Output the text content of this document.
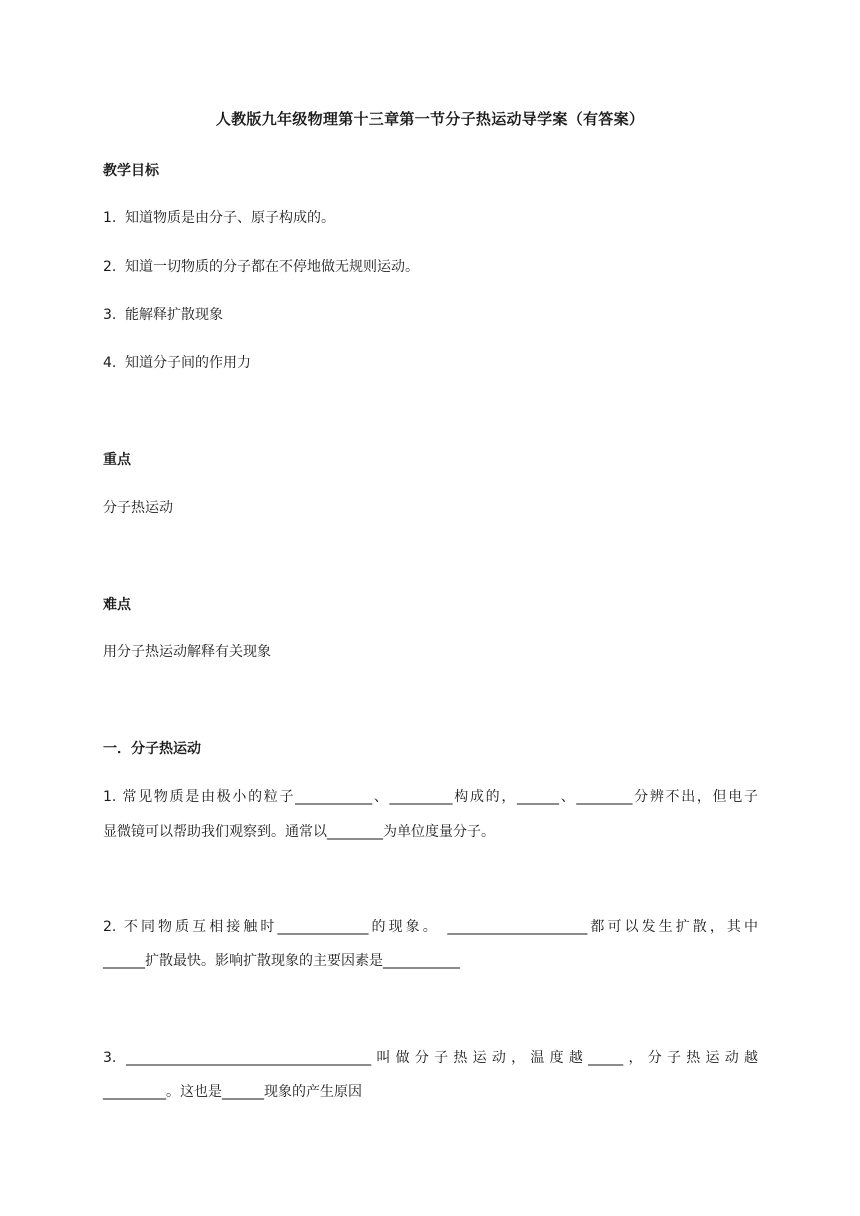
人教版九年级物理第十三章第一节分子热运动导学案（有答案）
教学目标
1. 知道物质是由分子、原子构成的。
2. 知道一切物质的分子都在不停地做无规则运动。
3. 能解释扩散现象
4. 知道分子间的作用力
重点
分子热运动
难点
用分子热运动解释有关现象
一．分子热运动
1. 常见物质是由极小的粒子___________、_________构成的，______、________分辨不出，但电子
显微镜可以帮助我们观察到。通常以________为单位度量分子。
2. 不同物质互相接触时_____________的现象。 ____________________都可以发生扩散，其中
______扩散最快。影响扩散现象的主要因素是___________
3. ___________________________________叫做分子热运动，温度越_____，分子热运动越
_________。这也是______现象的产生原因
